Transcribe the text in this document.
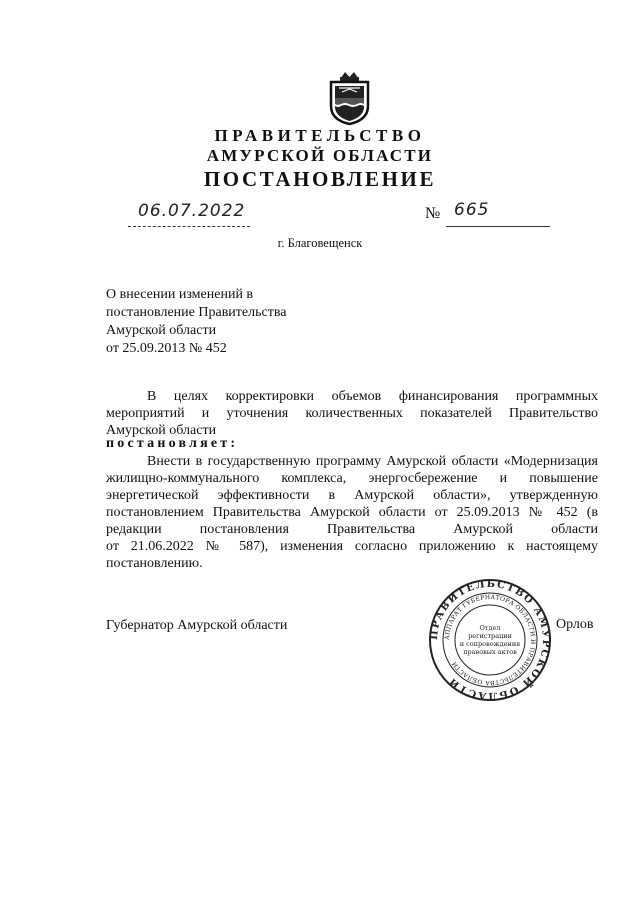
ПРАВИТЕЛЬСТВО
АМУРСКОЙ ОБЛАСТИ
ПОСТАНОВЛЕНИЕ
06.07.2022	№ 665
г. Благовещенск
О внесении изменений в
постановление Правительства
Амурской области
от 25.09.2013 № 452
В целях корректировки объемов финансирования программных
мероприятий и уточнения количественных показателей Правительство
Амурской области
постановляет:
Внести в государственную программу Амурской области «Модернизация
жилищно-коммунального комплекса, энергосбережение и повышение
энергетической эффективности в Амурской области», утвержденную
постановлением Правительства Амурской области от 25.09.2013 № 452 (в
редакции	постановления	Правительства	Амурской	области
от 21.06.2022 № 587), изменения согласно приложению к настоящему
постановлению.
Губернатор Амурской области	Орлов
ПРАВИТЕЛЬСТВО АМУРСКОЙ ОБЛАСТИ
АППАРАТ ГУБЕРНАТОРА ОБЛАСТИ И ПРАВИТЕЛЬСТВА ОБЛАСТИ
Отдел
регистрации
и сопровождения
правовых актов
